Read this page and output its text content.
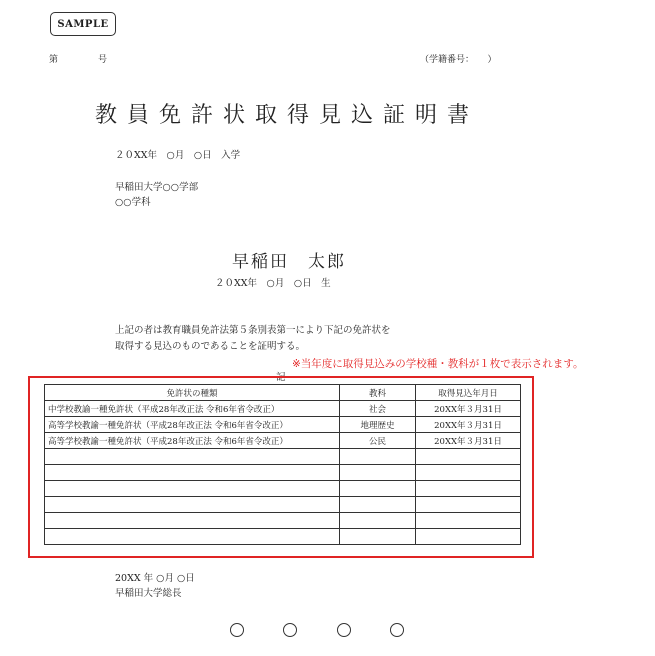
SAMPLE
第	号	（学籍番号：　　）
教員免許状取得見込証明書
２０XX年　○月　○日　入学
早稲田大学○○学部
○○学科
早稲田　太郎
２０XX年　○月　○日　生
上記の者は教育職員免許法第５条別表第一により下記の免許状を
取得する見込のものであることを証明する。
※当年度に取得見込みの学校種・教科が１枚で表示されます。
記
免許状の種類	教科	取得見込年月日
中学校教諭一種免許状（平成28年改正法 令和6年省令改正）	社会	20XX年３月31日
高等学校教諭一種免許状（平成28年改正法 令和6年省令改正）	地理歴史	20XX年３月31日
高等学校教諭一種免許状（平成28年改正法 令和6年省令改正）	公民	20XX年３月31日

20XX 年 ○月 ○日
早稲田大学総長
